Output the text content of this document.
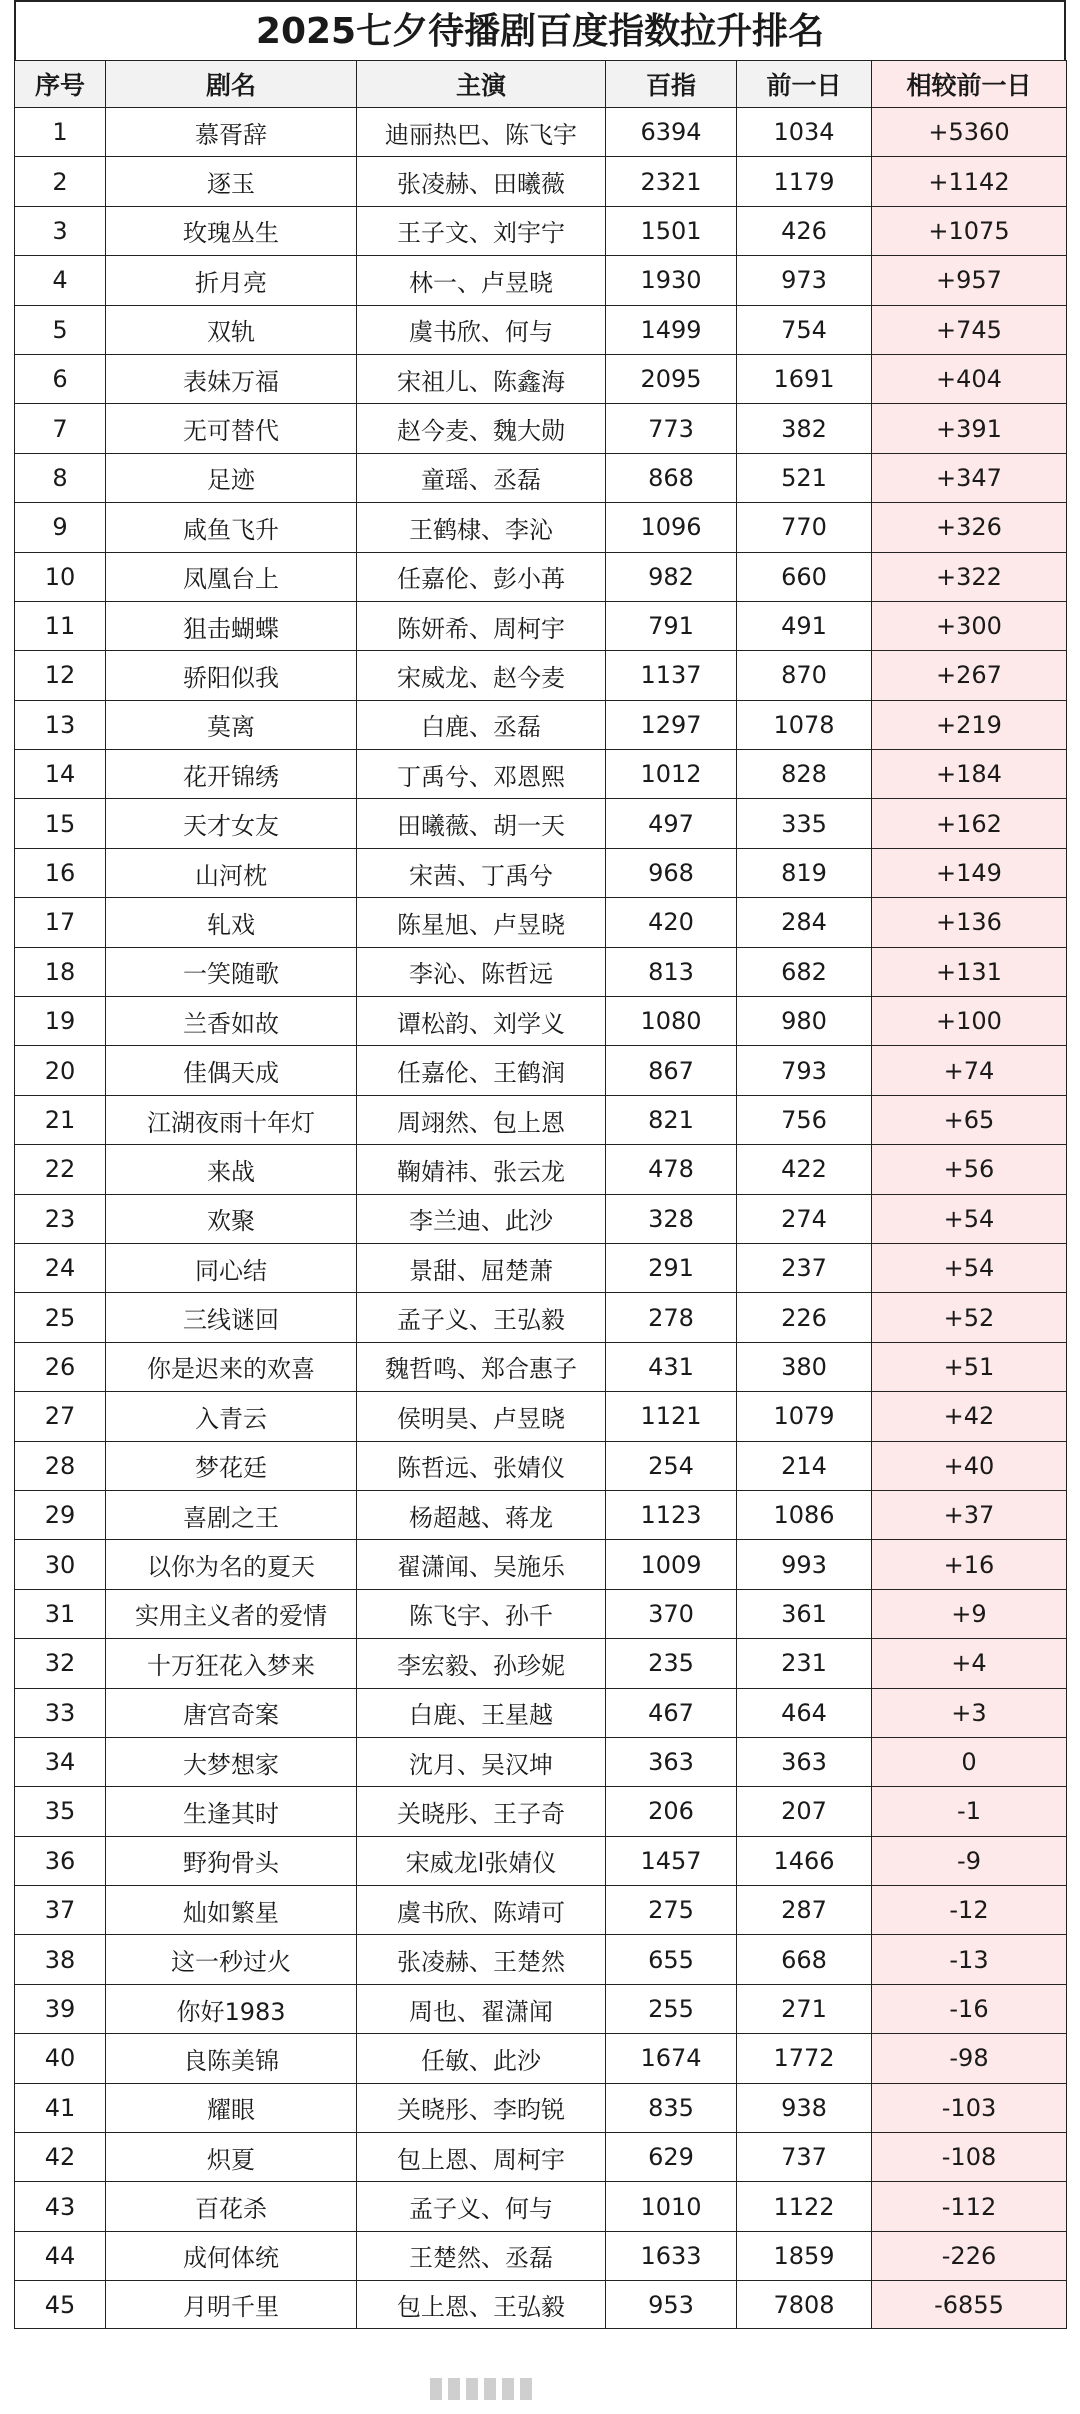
2025七夕待播剧百度指数拉升排名
序号	剧名	主演	百指	前一日	相较前一日
1	慕胥辞	迪丽热巴、陈飞宇	6394	1034	+5360
2	逐玉	张凌赫、田曦薇	2321	1179	+1142
3	玫瑰丛生	王子文、刘宇宁	1501	426	+1075
4	折月亮	林一、卢昱晓	1930	973	+957
5	双轨	虞书欣、何与	1499	754	+745
6	表妹万福	宋祖儿、陈鑫海	2095	1691	+404
7	无可替代	赵今麦、魏大勋	773	382	+391
8	足迹	童瑶、丞磊	868	521	+347
9	咸鱼飞升	王鹤棣、李沁	1096	770	+326
10	凤凰台上	任嘉伦、彭小苒	982	660	+322
11	狙击蝴蝶	陈妍希、周柯宇	791	491	+300
12	骄阳似我	宋威龙、赵今麦	1137	870	+267
13	莫离	白鹿、丞磊	1297	1078	+219
14	花开锦绣	丁禹兮、邓恩熙	1012	828	+184
15	天才女友	田曦薇、胡一天	497	335	+162
16	山河枕	宋茜、丁禹兮	968	819	+149
17	轧戏	陈星旭、卢昱晓	420	284	+136
18	一笑随歌	李沁、陈哲远	813	682	+131
19	兰香如故	谭松韵、刘学义	1080	980	+100
20	佳偶天成	任嘉伦、王鹤润	867	793	+74
21	江湖夜雨十年灯	周翊然、包上恩	821	756	+65
22	来战	鞠婧祎、张云龙	478	422	+56
23	欢聚	李兰迪、此沙	328	274	+54
24	同心结	景甜、屈楚萧	291	237	+54
25	三线谜回	孟子义、王弘毅	278	226	+52
26	你是迟来的欢喜	魏哲鸣、郑合惠子	431	380	+51
27	入青云	侯明昊、卢昱晓	1121	1079	+42
28	梦花廷	陈哲远、张婧仪	254	214	+40
29	喜剧之王	杨超越、蒋龙	1123	1086	+37
30	以你为名的夏天	翟潇闻、吴施乐	1009	993	+16
31	实用主义者的爱情	陈飞宇、孙千	370	361	+9
32	十万狂花入梦来	李宏毅、孙珍妮	235	231	+4
33	唐宫奇案	白鹿、王星越	467	464	+3
34	大梦想家	沈月、吴汉坤	363	363	0
35	生逢其时	关晓彤、王子奇	206	207	-1
36	野狗骨头	宋威龙l张婧仪	1457	1466	-9
37	灿如繁星	虞书欣、陈靖可	275	287	-12
38	这一秒过火	张凌赫、王楚然	655	668	-13
39	你好1983	周也、翟潇闻	255	271	-16
40	良陈美锦	任敏、此沙	1674	1772	-98
41	耀眼	关晓彤、李昀锐	835	938	-103
42	炽夏	包上恩、周柯宇	629	737	-108
43	百花杀	孟子义、何与	1010	1122	-112
44	成何体统	王楚然、丞磊	1633	1859	-226
45	月明千里	包上恩、王弘毅	953	7808	-6855
